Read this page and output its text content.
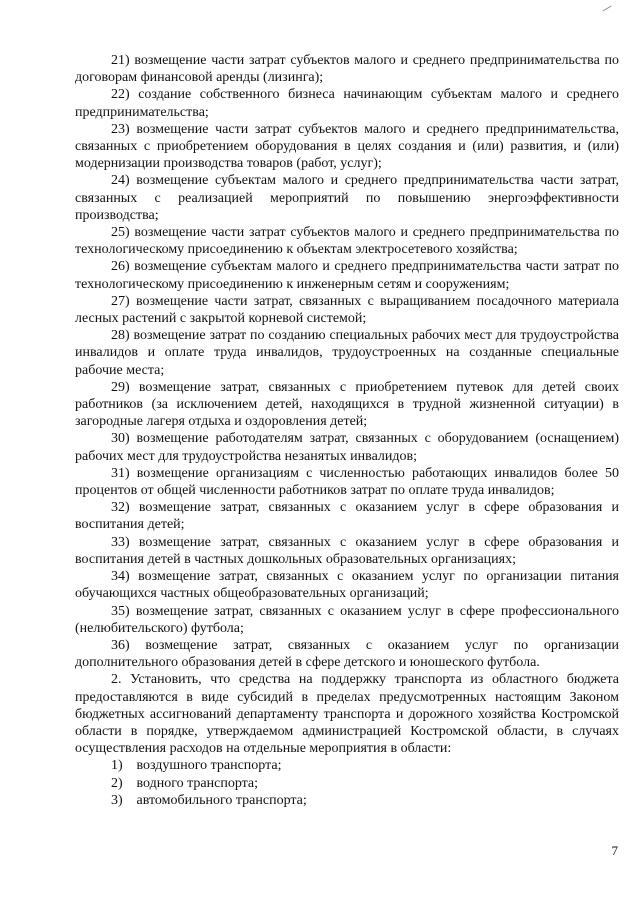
21) возмещение части затрат субъектов малого и среднего предпринимательства по договорам финансовой аренды (лизинга);

22) создание собственного бизнеса начинающим субъектам малого и среднего предпринимательства;

23) возмещение части затрат субъектов малого и среднего предпринимательства, связанных с приобретением оборудования в целях создания и (или) развития, и (или) модернизации производства товаров (работ, услуг);

24) возмещение субъектам малого и среднего предпринимательства части затрат, связанных с реализацией мероприятий по повышению энергоэффективности производства;

25) возмещение части затрат субъектов малого и среднего предпринимательства по технологическому присоединению к объектам электросетевого хозяйства;

26) возмещение субъектам малого и среднего предпринимательства части затрат по технологическому присоединению к инженерным сетям и сооружениям;

27) возмещение части затрат, связанных с выращиванием посадочного материала лесных растений с закрытой корневой системой;

28) возмещение затрат по созданию специальных рабочих мест для трудоустройства инвалидов и оплате труда инвалидов, трудоустроенных на созданные специальные рабочие места;

29) возмещение затрат, связанных с приобретением путевок для детей своих работников (за исключением детей, находящихся в трудной жизненной ситуации) в загородные лагеря отдыха и оздоровления детей;

30) возмещение работодателям затрат, связанных с оборудованием (оснащением) рабочих мест для трудоустройства незанятых инвалидов;

31) возмещение организациям с численностью работающих инвалидов более 50 процентов от общей численности работников затрат по оплате труда инвалидов;

32) возмещение затрат, связанных с оказанием услуг в сфере образования и воспитания детей;

33) возмещение затрат, связанных с оказанием услуг в сфере образования и воспитания детей в частных дошкольных образовательных организациях;

34) возмещение затрат, связанных с оказанием услуг по организации питания обучающихся частных общеобразовательных организаций;

35) возмещение затрат, связанных с оказанием услуг в сфере профессионального (нелюбительского) футбола;

36) возмещение затрат, связанных с оказанием услуг по организации дополнительного образования детей в сфере детского и юношеского футбола.

2. Установить, что средства на поддержку транспорта из областного бюджета предоставляются в виде субсидий в пределах предусмотренных настоящим Законом бюджетных ассигнований департаменту транспорта и дорожного хозяйства Костромской области в порядке, утверждаемом администрацией Костромской области, в случаях осуществления расходов на отдельные мероприятия в области:

1) воздушного транспорта;
2) водного транспорта;
3) автомобильного транспорта;
7
